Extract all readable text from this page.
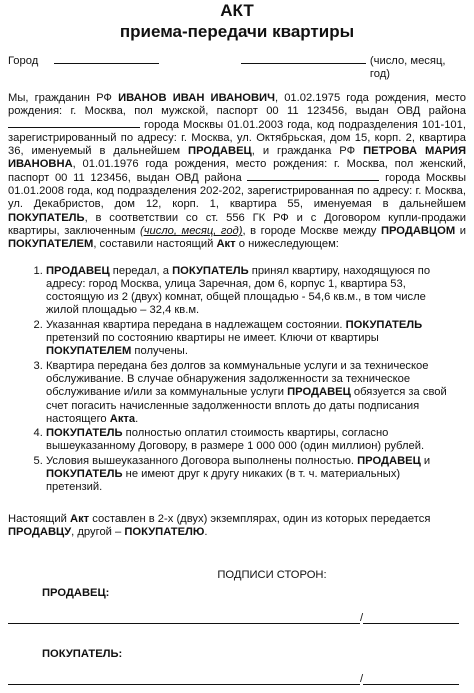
АКТ
приема-передачи квартиры
Город	(число, месяц, год)

Мы, гражданин РФ ИВАНОВ ИВАН ИВАНОВИЧ, 01.02.1975 года рождения, место рождения: г. Москва, пол мужской, паспорт 00 11 123456, выдан ОВД района  города Москвы 01.01.2003 года, код подразделения 101-101, зарегистрированный по адресу: г. Москва, ул. Октябрьская, дом 15, корп. 2, квартира 36, именуемый в дальнейшем ПРОДАВЕЦ, и гражданка РФ ПЕТРОВА МАРИЯ ИВАНОВНА, 01.01.1976 года рождения, место рождения: г. Москва, пол женский, паспорт 00 11 123456, выдан ОВД района	города Москвы 01.01.2008 года, код подразделения 202-202, зарегистрированная по адресу: г. Москва, ул. Декабристов, дом 12, корп. 1, квартира 55, именуемая в дальнейшем ПОКУПАТЕЛЬ, в соответствии со ст. 556 ГК РФ и с Договором купли-продажи квартиры, заключенным (число, месяц, год), в городе Москве между ПРОДАВЦОМ и ПОКУПАТЕЛЕМ, составили настоящий Акт о нижеследующем:

1. ПРОДАВЕЦ передал, а ПОКУПАТЕЛЬ принял квартиру, находящуюся по адресу: город Москва, улица Заречная, дом 6, корпус 1, квартира 53, состоящую из 2 (двух) комнат, общей площадью - 54,6 кв.м., в том числе жилой площадью – 32,4 кв.м.
2. Указанная квартира передана в надлежащем состоянии. ПОКУПАТЕЛЬ претензий по состоянию квартиры не имеет. Ключи от квартиры ПОКУПАТЕЛЕМ получены.
3. Квартира передана без долгов за коммунальные услуги и за техническое обслуживание. В случае обнаружения задолженности за техническое обслуживание и/или за коммунальные услуги ПРОДАВЕЦ обязуется за свой счет погасить начисленные задолженности вплоть до даты подписания настоящего Акта.
4. ПОКУПАТЕЛЬ полностью оплатил стоимость квартиры, согласно вышеуказанному Договору, в размере 1 000 000 (один миллион) рублей.
5. Условия вышеуказанного Договора выполнены полностью. ПРОДАВЕЦ и ПОКУПАТЕЛЬ не имеют друг к другу никаких (в т. ч. материальных) претензий.
Настоящий Акт составлен в 2-х (двух) экземплярах, один из которых передается ПРОДАВЦУ, другой – ПОКУПАТЕЛЮ.
ПОДПИСИ СТОРОН:
ПРОДАВЕЦ:
/
ПОКУПАТЕЛЬ:
/
